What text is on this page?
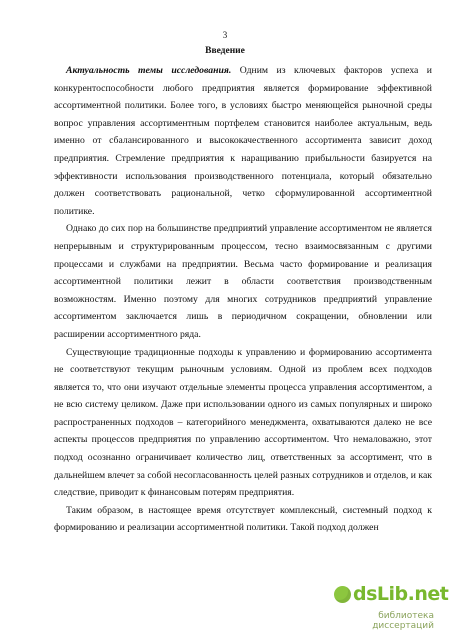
3
Введение

Актуальность темы исследования. Одним из ключевых факторов успеха и конкурентоспособности любого предприятия является формирование эффективной ассортиментной политики. Более того, в условиях быстро меняющейся рыночной среды вопрос управления ассортиментным портфелем становится наиболее актуальным, ведь именно от сбалансированного и высококачественного ассортимента зависит доход предприятия. Стремление предприятия к наращиванию прибыльности базируется на эффективности использования производственного потенциала, который обязательно должен соответствовать рациональной, четко сформулированной ассортиментной политике.

Однако до сих пор на большинстве предприятий управление ассортиментом не является непрерывным и структурированным процессом, тесно взаимосвязанным с другими процессами и службами на предприятии. Весьма часто формирование и реализация ассортиментной политики лежит в области соответствия производственным возможностям. Именно поэтому для многих сотрудников предприятий управление ассортиментом заключается лишь в периодичном сокращении, обновлении или расширении ассортиментного ряда.

Существующие традиционные подходы к управлению и формированию ассортимента не соответствуют текущим рыночным условиям. Одной из проблем всех подходов является то, что они изучают отдельные элементы процесса управления ассортиментом, а не всю систему целиком. Даже при использовании одного из самых популярных и широко распространенных подходов – категорийного менеджмента, охватываются далеко не все аспекты процессов предприятия по управлению ассортиментом. Что немаловажно, этот подход осознанно ограничивает количество лиц, ответственных за ассортимент, что в дальнейшем влечет за собой несогласованность целей разных сотрудников и отделов, и как следствие, приводит к финансовым потерям предприятия.

Таким образом, в настоящее время отсутствует комплексный, системный подход к формированию и реализации ассортиментной политики. Такой подход должен

dsLib.net
библиотека диссертаций
